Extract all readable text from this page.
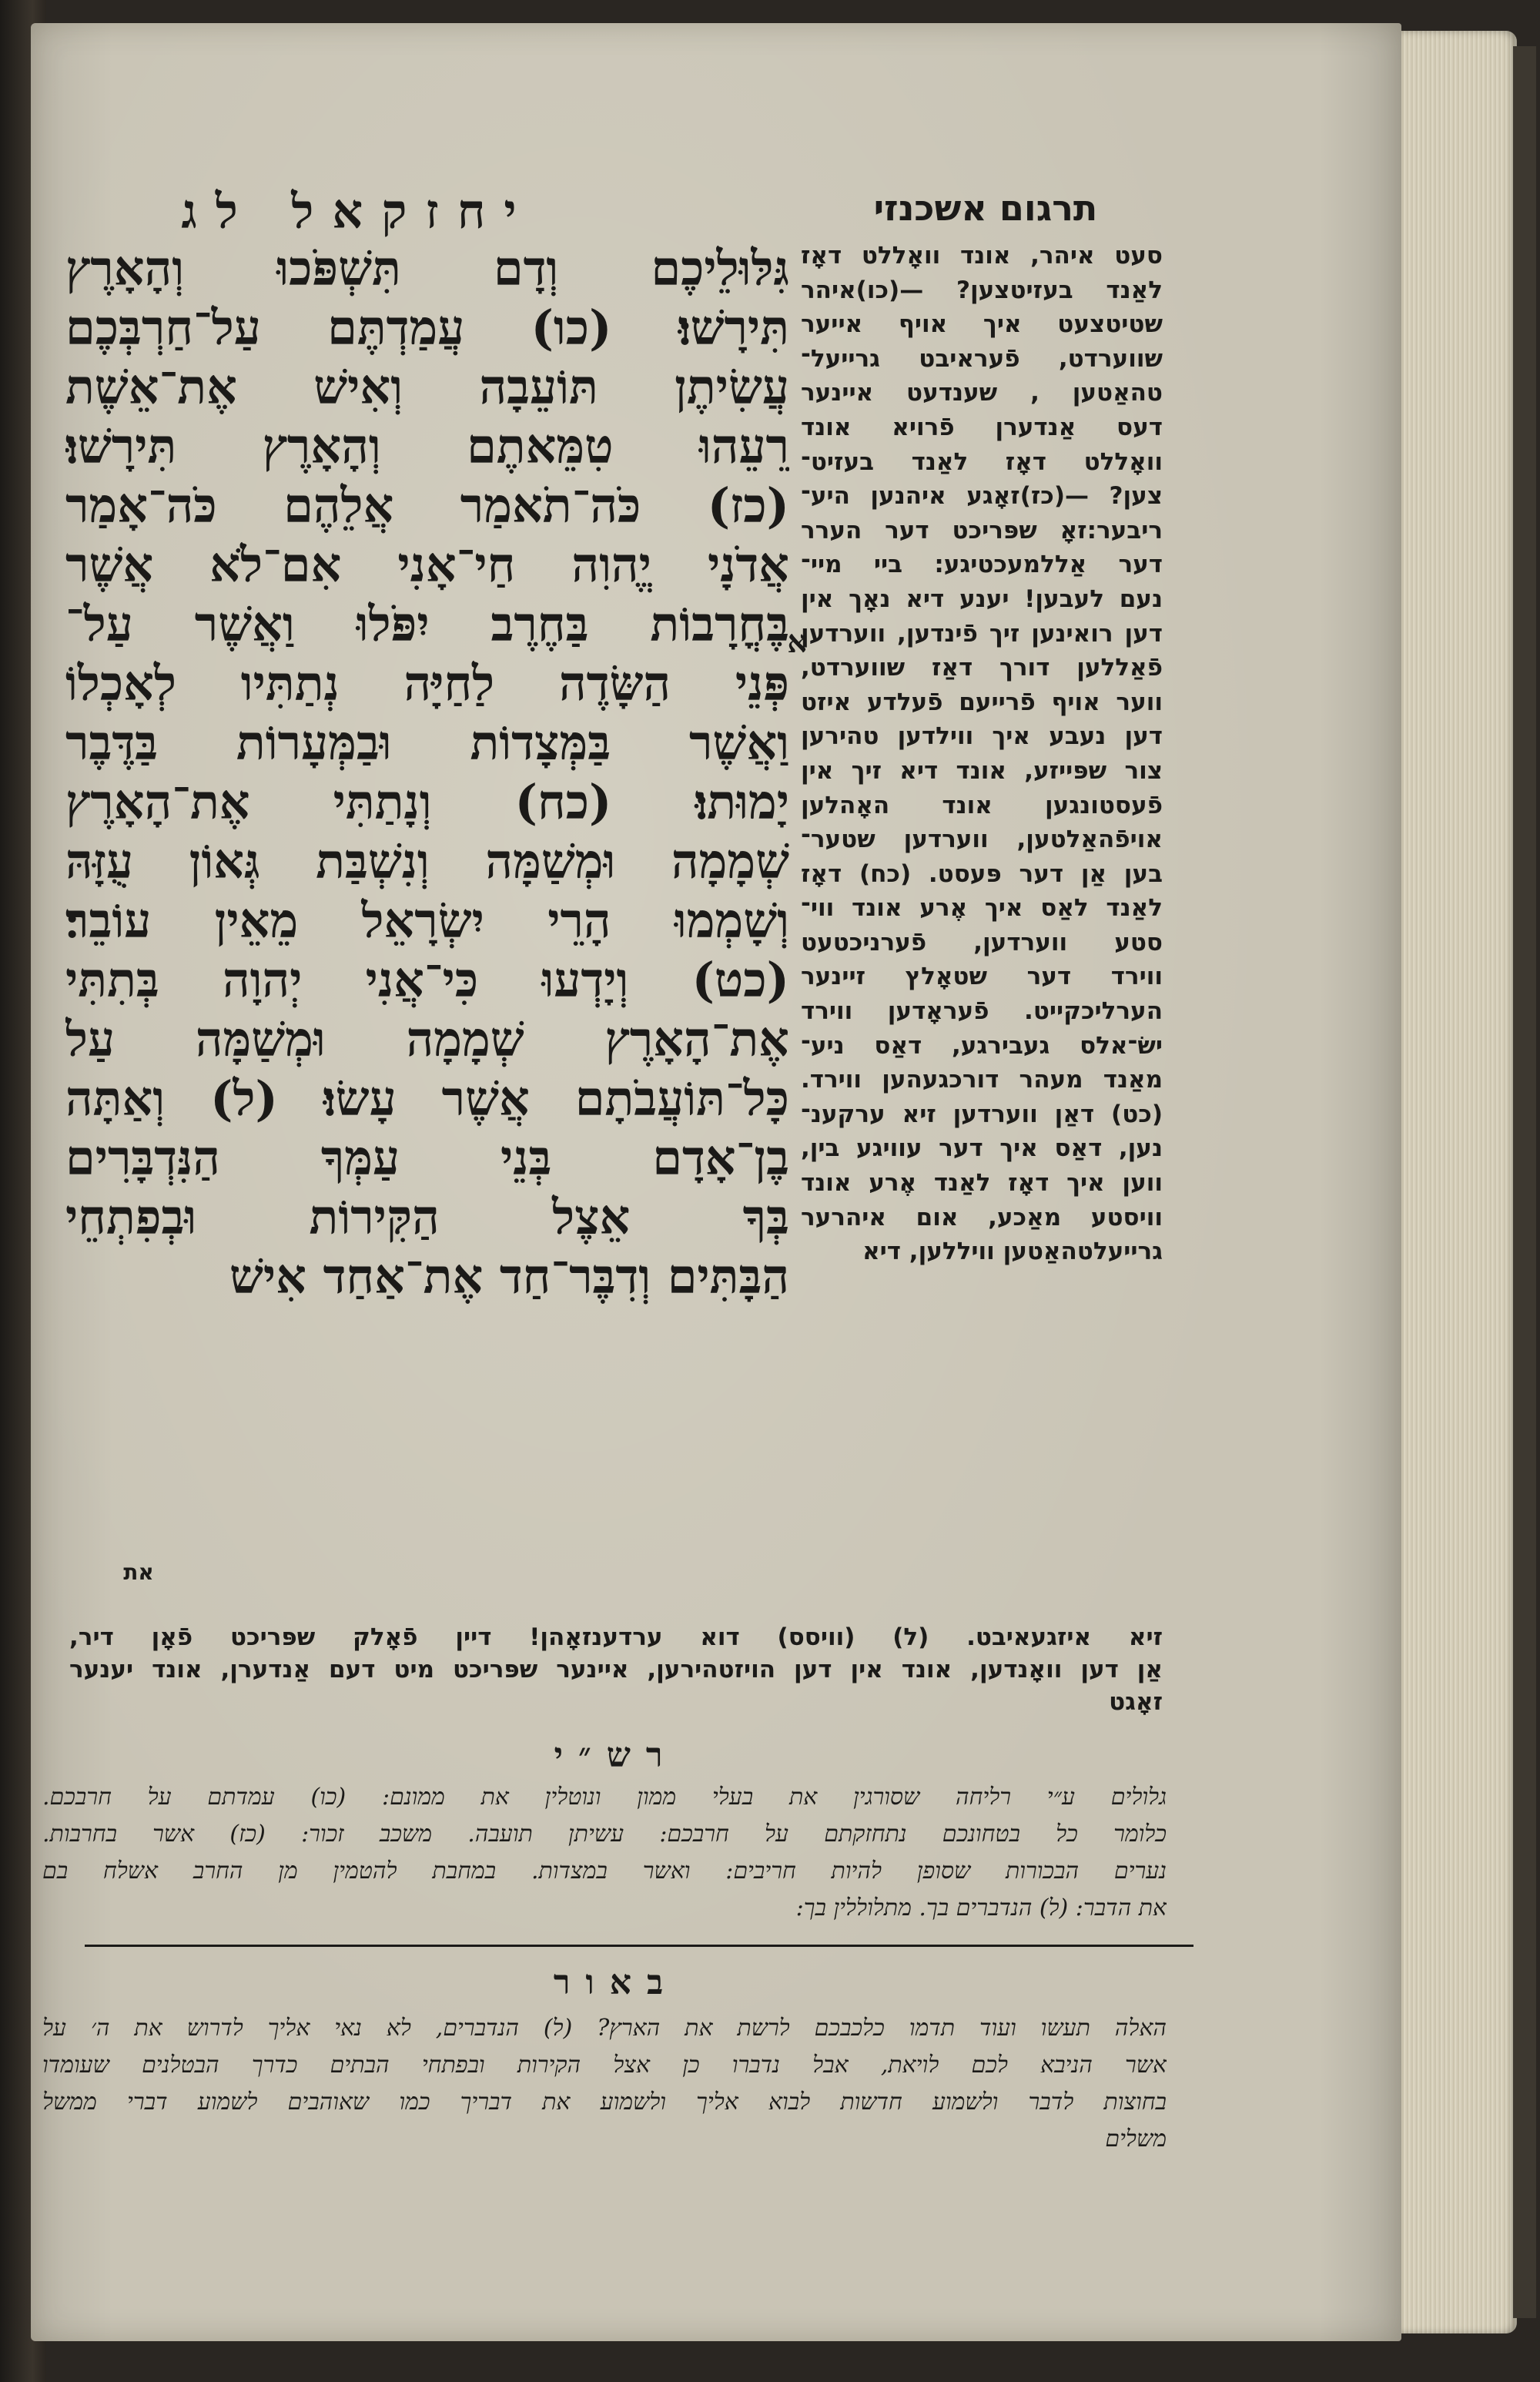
יחזקאל לג	תרגום אשכנזי
גִּלּוּלֵיכֶם וְדָם תִּשְׁפֹּכוּ וְהָאָרֶץ
תִּירָשׁוּ׃ (כו) עֲמַדְתֶּם עַל־חַרְבְּכֶם
עֲשִׂיתֶן תּוֹעֵבָה וְאִישׁ אֶת־אֵשֶׁת
רֵעֵהוּ טִמֵּאתֶם וְהָאָרֶץ תִּירָשׁוּ׃
(כז) כֹּה־תֹאמַר אֲלֵהֶם כֹּה־אָמַר
אֲדֹנָי יֱהוִה חַי־אָנִי אִם־לֹא אֲשֶׁר
בֶּחֳרָבוֹת בַּחֶרֶב יִפֹּלוּ וַאֲשֶׁר עַל־
פְּנֵי הַשָּׂדֶה לַחַיָּה נְתַתִּיו לְאָכְלוֹ
וַאֲשֶׁר בַּמְּצָדוֹת וּבַמְּעָרוֹת בַּדֶּבֶר
יָמוּתוּ׃ (כח) וְנָתַתִּי אֶת־הָאָרֶץ
שְׁמָמָה וּמְשַׁמָּה וְנִשְׁבַּת גְּאוֹן עֻזָּהּ
וְשָׁמְמוּ הָרֵי יִשְׂרָאֵל מֵאֵין עוֹבֵר׃
(כט) וְיָדְעוּ כִּי־אֲנִי יְהוָה בְּתִתִּי
אֶת־הָאָרֶץ שְׁמָמָה וּמְשַׁמָּה עַל
כָּל־תּוֹעֲבֹתָם אֲשֶׁר עָשׂוּ׃ (ל) וְאַתָּה
בֶן־אָדָם בְּנֵי עַמְּךָ הַנִּדְבָּרִים
בְּךָ אֵצֶל הַקִּירוֹת וּבְפִתְחֵי
הַבָּתִּים וְדִבֶּר־חַד אֶת־אַחַד אִישׁ
א
את
סעט איהר, אונד וואָללט דאָז
לאַנד בעזיטצען? —(כו)איהר
שטיטצעט איך אויף אייער
שווערדט, פֿעראיבט גרייעל־
טהאַטען , שענדעט איינער
דעס אַנדערן פֿרויא אונד
וואָללט דאָז לאַנד בעזיט־
צען? —(כז)זאָגע איהנען היע־
ריבער:זאָ שפּריכט דער הערר
דער אַללמעכטיגע: ביי מיי־
נעם לעבען! יענע דיא נאָך אין
דען רואינען זיך פֿינדען, ווערדען
פֿאַללען דורך דאַז שווערדט,
ווער אויף פֿרייעם פֿעלדע איזט
דען נעבע איך ווילדען טהירען
צור שפּייזע, אונד דיא זיך אין
פֿעסטונגען אונד האָהלען
אויפֿהאַלטען, ווערדען שטער־
בען אַן דער פּעסט. (כח) דאָז
לאַנד לאַס איך אֶרע אונד ווי־
סטע ווערדען, פֿערניכטעט
ווירד דער שטאָלץ זיינער
הערליכקייט. פֿעראָדען ווירד
ישׂ־אלׂס געבירגע, דאַס ניע־
מאַנד מעהר דורכגעהען ווירד.
(כט) דאַן ווערדען זיא ערקענ־
נען, דאַס איך דער עוויגע בין,
ווען איך דאָז לאַנד אֶרע אונד
וויסטע מאַכע, אום איהרער
גרייעלטהאַטען וויללען, דיא
זיא איזגעאיבט. (ל) (וויסס) דוא ערדענזאָהן! דיין פֿאָלק שפּריכט פֿאָן דיר,
אַן דען וואָנדען, אונד אין דען הויזטהירען, איינער שפּריכט מיט דעם אַנדערן, אונד יענער
זאָגט
רש״י
גלולים ע״י רליחה שסורגין את בעלי ממון ונוטלין את ממונם: (כו) עמדתם על חרבכם.
כלומר כל בטחונכם נתחזקתם על חרבכם: עשיתן תועבה. משכב זכור: (כז) אשר בחרבות.
נערים הבכורות שסופן להיות חריבים: ואשר במצדות. במחבת להטמין מן החרב אשלח בם
את הדבר: (ל) הנדברים בך. מתלוללין בך:
באור
האלה תעשו ועוד תדמו כלכבכם לרשת את הארץ? (ל) הנדברים, לא נאי אליך לדרוש את ה׳ על
אשר הניבא לכם לויאת, אבל נדברו כן אצל הקירות ובפתחי הבתים כדרך הבטלנים שעומדו
בחוצות לדבר ולשמוע חדשות לבוא אליך ולשמוע את דבריך כמו שאוהבים לשמוע דברי ממשל
משלים
